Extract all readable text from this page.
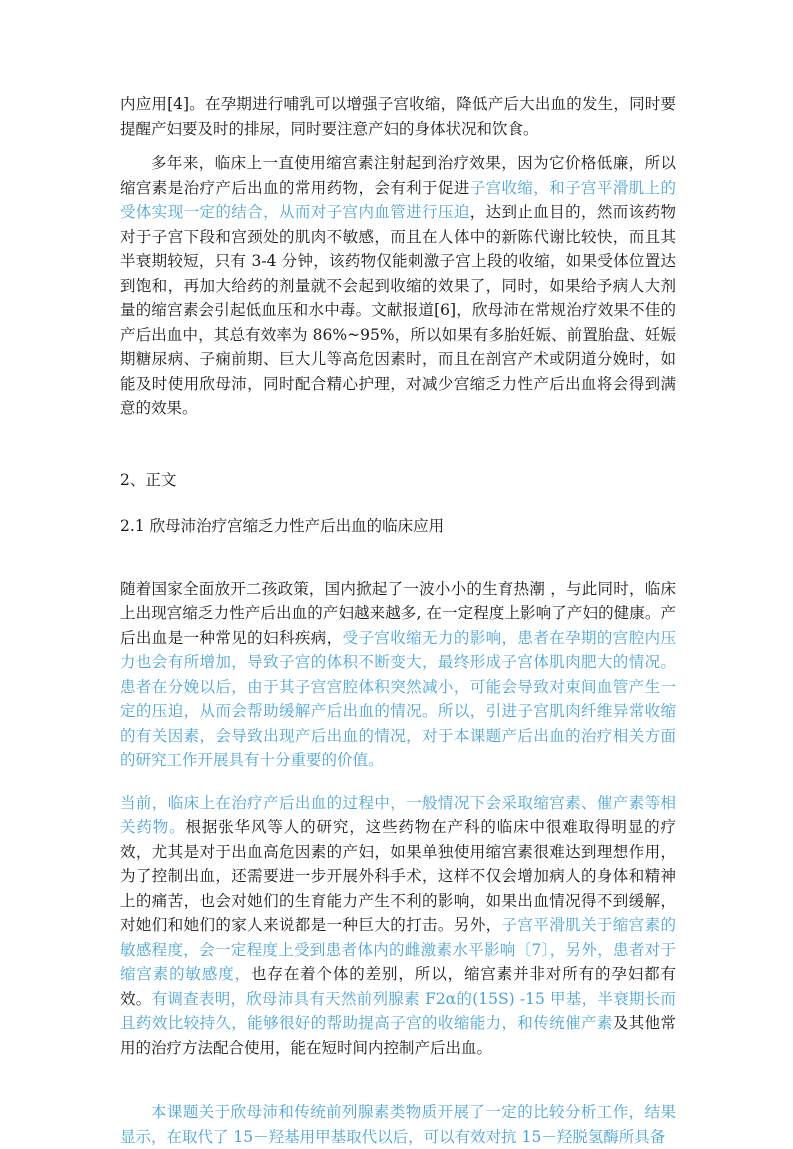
内应用[4]。在孕期进行哺乳可以增强子宫收缩，降低产后大出血的发生，同时要提醒产妇要及时的排尿，同时要注意产妇的身体状况和饮食。

多年来，临床上一直使用缩宫素注射起到治疗效果，因为它价格低廉，所以缩宫素是治疗产后出血的常用药物，会有利于促进子宫收缩，和子宫平滑肌上的受体实现一定的结合，从而对子宫内血管进行压迫，达到止血目的，然而该药物对于子宫下段和宫颈处的肌肉不敏感，而且在人体中的新陈代谢比较快，而且其半衰期较短，只有 3-4 分钟，该药物仅能刺激子宫上段的收缩，如果受体位置达到饱和，再加大给药的剂量就不会起到收缩的效果了，同时，如果给予病人大剂量的缩宫素会引起低血压和水中毒。文献报道[6]，欣母沛在常规治疗效果不佳的产后出血中，其总有效率为 86%~95%，所以如果有多胎妊娠、前置胎盘、妊娠期糖尿病、子痫前期、巨大儿等高危因素时，而且在剖宫产术或阴道分娩时，如能及时使用欣母沛，同时配合精心护理，对减少宫缩乏力性产后出血将会得到满意的效果。

2、正文

2.1 欣母沛治疗宫缩乏力性产后出血的临床应用

随着国家全面放开二孩政策，国内掀起了一波小小的生育热潮 ，与此同时，临床上出现宫缩乏力性产后出血的产妇越来越多, 在一定程度上影响了产妇的健康。产后出血是一种常见的妇科疾病，受子宫收缩无力的影响，患者在孕期的宫腔内压力也会有所增加，导致子宫的体积不断变大，最终形成子宫体肌肉肥大的情况。患者在分娩以后，由于其子宫宫腔体积突然减小，可能会导致对束间血管产生一定的压迫，从而会帮助缓解产后出血的情况。所以，引进子宫肌肉纤维异常收缩的有关因素，会导致出现产后出血的情况，对于本课题产后出血的治疗相关方面的研究工作开展具有十分重要的价值。

当前，临床上在治疗产后出血的过程中，一般情况下会采取缩宫素、催产素等相关药物。根据张华风等人的研究，这些药物在产科的临床中很难取得明显的疗效，尤其是对于出血高危因素的产妇，如果单独使用缩宫素很难达到理想作用，为了控制出血，还需要进一步开展外科手术，这样不仅会增加病人的身体和精神上的痛苦，也会对她们的生育能力产生不利的影响，如果出血情况得不到缓解，对她们和她们的家人来说都是一种巨大的打击。另外，子宫平滑肌关于缩宫素的敏感程度，会一定程度上受到患者体内的雌激素水平影响〔7〕，另外，患者对于缩宫素的敏感度，也存在着个体的差别，所以，缩宫素并非对所有的孕妇都有效。有调查表明，欣母沛具有天然前列腺素 F2α的(15S) -15 甲基，半衰期长而且药效比较持久，能够很好的帮助提高子宫的收缩能力，和传统催产素及其他常用的治疗方法配合使用，能在短时间内控制产后出血。

本课题关于欣母沛和传统前列腺素类物质开展了一定的比较分析工作，结果显示，在取代了 15－羟基用甲基取代以后，可以有效对抗 15－羟脱氢酶所具备
